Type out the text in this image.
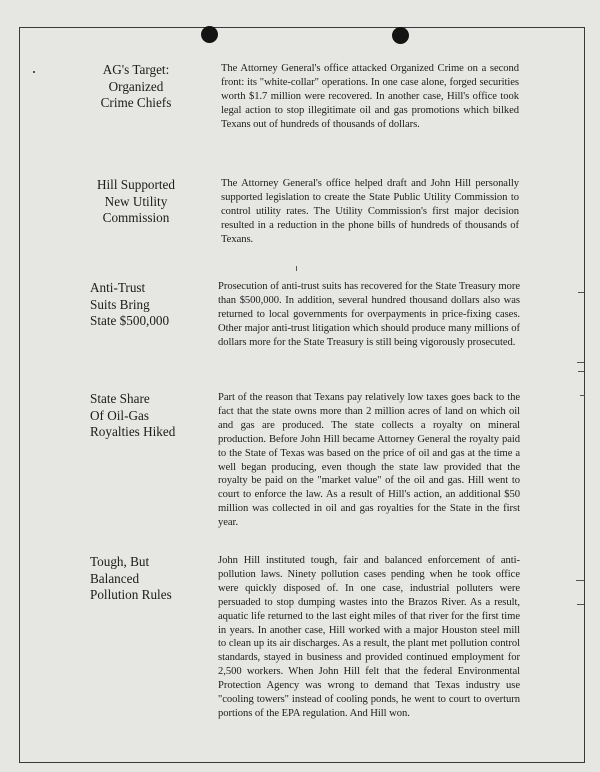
AG's Target:
Organized
Crime Chiefs
The Attorney General's office attacked Organized Crime on a second front: its "white-collar" operations. In one case alone, forged securities worth $1.7 million were recovered. In another case, Hill's office took legal action to stop illegitimate oil and gas promotions which bilked Texans out of hundreds of thousands of dollars.
Hill Supported
New Utility
Commission
The Attorney General's office helped draft and John Hill personally supported legislation to create the State Public Utility Commission to control utility rates. The Utility Commission's first major decision resulted in a reduction in the phone bills of hundreds of thousands of Texans.
Anti-Trust
Suits Bring
State $500,000
Prosecution of anti-trust suits has recovered for the State Treasury more than $500,000. In addition, several hundred thousand dollars also was returned to local governments for overpayments in price-fixing cases. Other major anti-trust litigation which should produce many millions of dollars more for the State Treasury is still being vigorously prosecuted.
State Share
Of Oil-Gas
Royalties Hiked
Part of the reason that Texans pay relatively low taxes goes back to the fact that the state owns more than 2 million acres of land on which oil and gas are produced. The state collects a royalty on mineral production. Before John Hill became Attorney General the royalty paid to the State of Texas was based on the price of oil and gas at the time a well began producing, even though the state law provided that the royalty be paid on the "market value" of the oil and gas. Hill went to court to enforce the law. As a result of Hill's action, an additional $50 million was collected in oil and gas royalties for the State in the first year.
Tough, But
Balanced
Pollution Rules
John Hill instituted tough, fair and balanced enforcement of anti-pollution laws. Ninety pollution cases pending when he took office were quickly disposed of. In one case, industrial polluters were persuaded to stop dumping wastes into the Brazos River. As a result, aquatic life returned to the last eight miles of that river for the first time in years. In another case, Hill worked with a major Houston steel mill to clean up its air discharges. As a result, the plant met pollution control standards, stayed in business and provided continued employment for 2,500 workers. When John Hill felt that the federal Environmental Protection Agency was wrong to demand that Texas industry use "cooling towers" instead of cooling ponds, he went to court to overturn portions of the EPA regulation. And Hill won.
